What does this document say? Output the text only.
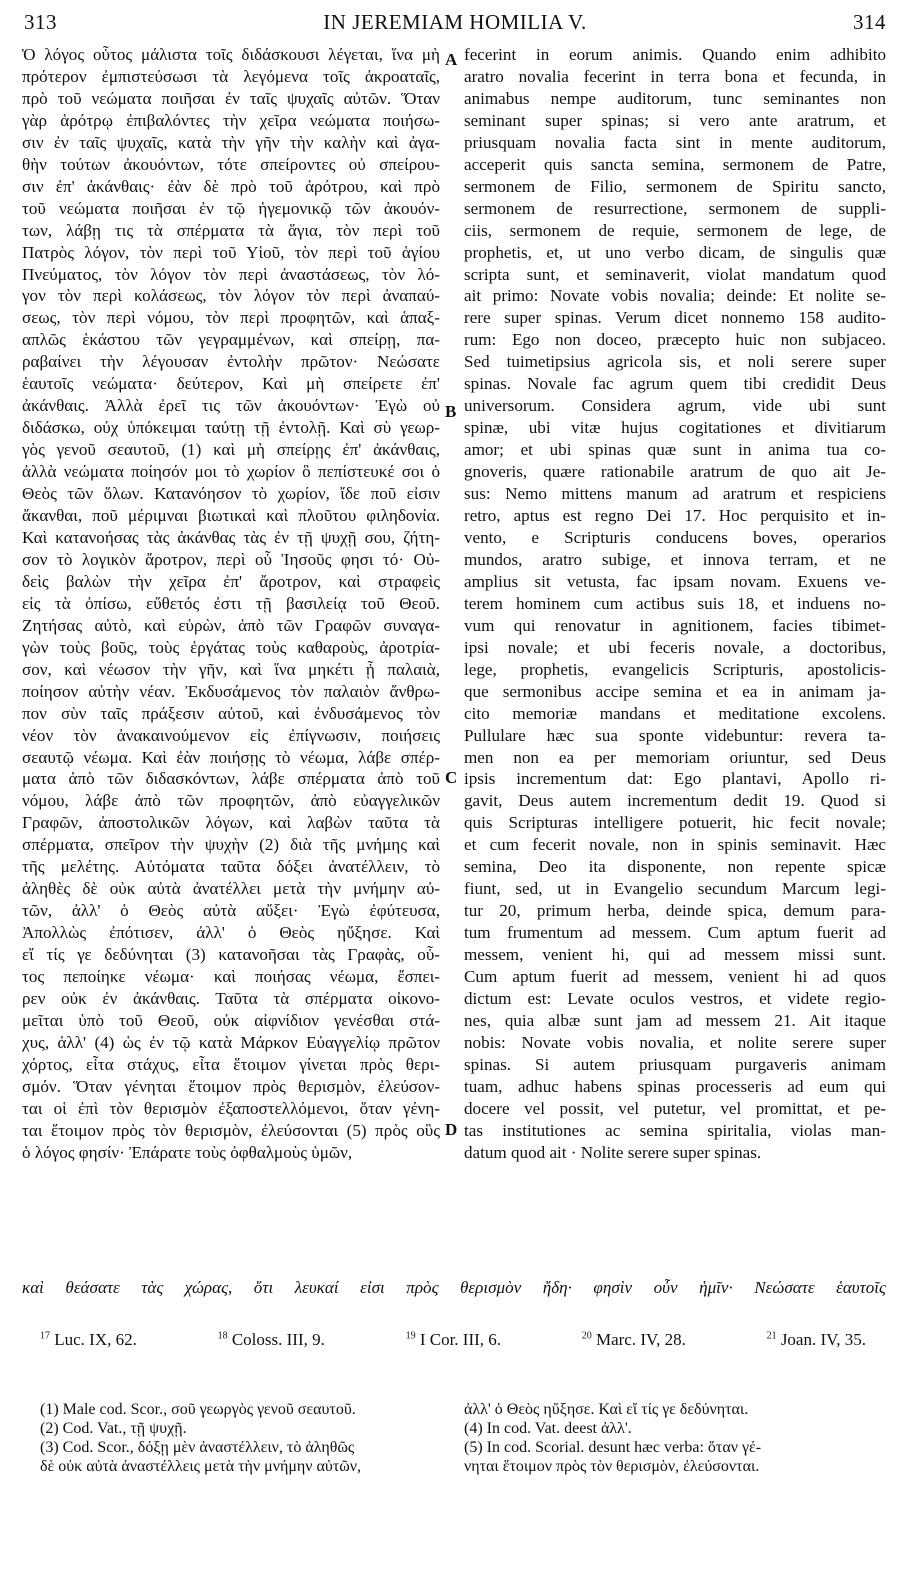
313	IN JEREMIAM HOMILIA V.	314
Ὁ λόγος οὗτος μάλιστα τοῖς διδάσκουσι λέγεται, ἵνα μὴ
πρότερον ἐμπιστεύσωσι τὰ λεγόμενα τοῖς ἀκροαταῖς,
πρὸ τοῦ νεώματα ποιῆσαι ἐν ταῖς ψυχαῖς αὐτῶν. Ὅταν
γὰρ ἀρότρῳ ἐπιβαλόντες τὴν χεῖρα νεώματα ποιήσω-
σιν ἐν ταῖς ψυχαῖς, κατὰ τὴν γῆν τὴν καλὴν καὶ ἀγα-
θὴν τούτων ἀκουόντων, τότε σπείροντες οὐ σπείρου-
σιν ἐπ' ἀκάνθαις· ἐὰν δὲ πρὸ τοῦ ἀρότρου, καὶ πρὸ
τοῦ νεώματα ποιῆσαι ἐν τῷ ἡγεμονικῷ τῶν ἀκουόν-
των, λάβῃ τις τὰ σπέρματα τὰ ἅγια, τὸν περὶ τοῦ
Πατρὸς λόγον, τὸν περὶ τοῦ Υἱοῦ, τὸν περὶ τοῦ ἁγίου
Πνεύματος, τὸν λόγον τὸν περὶ ἀναστάσεως, τὸν λό-
γον τὸν περὶ κολάσεως, τὸν λόγον τὸν περὶ ἀναπαύ-
σεως, τὸν περὶ νόμου, τὸν περὶ προφητῶν, καὶ ἁπαξ-
απλῶς ἑκάστου τῶν γεγραμμένων, καὶ σπείρῃ, πα-
ραβαίνει τὴν λέγουσαν ἐντολὴν πρῶτον· Νεώσατε
ἑαυτοῖς νεώματα· δεύτερον, Καὶ μὴ σπείρετε ἐπ'
ἀκάνθαις. Ἀλλὰ ἐρεῖ τις τῶν ἀκουόντων· Ἐγὼ οὐ
διδάσκω, οὐχ ὑπόκειμαι ταύτῃ τῇ ἐντολῇ. Καὶ σὺ γεωρ-
γὸς γενοῦ σεαυτοῦ, (1) καὶ μὴ σπείρῃς ἐπ' ἀκάνθαις,
ἀλλὰ νεώματα ποίησόν μοι τὸ χωρίον ὃ πεπίστευκέ σοι ὁ
Θεὸς τῶν ὅλων. Κατανόησον τὸ χωρίον, ἴδε ποῦ εἰσιν
ἄκανθαι, ποῦ μέριμναι βιωτικαὶ καὶ πλοῦτου φιληδονία.
Καὶ κατανοήσας τὰς ἀκάνθας τὰς ἐν τῇ ψυχῇ σου, ζήτη-
σον τὸ λογικὸν ἄροτρον, περὶ οὗ Ἰησοῦς φησι τό· Οὐ-
δεὶς βαλὼν τὴν χεῖρα ἐπ' ἄροτρον, καὶ στραφεὶς
εἰς τὰ ὀπίσω, εὔθετός ἐστι τῇ βασιλείᾳ τοῦ Θεοῦ.
Ζητήσας αὐτὸ, καὶ εὑρὼν, ἀπὸ τῶν Γραφῶν συναγα-
γὼν τοὺς βοῦς, τοὺς ἐργάτας τοὺς καθαροὺς, ἀροτρία-
σον, καὶ νέωσον τὴν γῆν, καὶ ἵνα μηκέτι ᾖ παλαιὰ,
ποίησον αὐτὴν νέαν. Ἐκδυσάμενος τὸν παλαιὸν ἄνθρω-
πον σὺν ταῖς πράξεσιν αὐτοῦ, καὶ ἐνδυσάμενος τὸν
νέον τὸν ἀνακαινούμενον εἰς ἐπίγνωσιν, ποιήσεις
σεαυτῷ νέωμα. Καὶ ἐὰν ποιήσῃς τὸ νέωμα, λάβε σπέρ-
ματα ἀπὸ τῶν διδασκόντων, λάβε σπέρματα ἀπὸ τοῦ
νόμου, λάβε ἀπὸ τῶν προφητῶν, ἀπὸ εὐαγγελικῶν
Γραφῶν, ἀποστολικῶν λόγων, καὶ λαβὼν ταῦτα τὰ
σπέρματα, σπεῖρον τὴν ψυχὴν (2) διὰ τῆς μνήμης καὶ
τῆς μελέτης. Αὐτόματα ταῦτα δόξει ἀνατέλλειν, τὸ
ἀληθὲς δὲ οὐκ αὐτὰ ἀνατέλλει μετὰ τὴν μνήμην αὐ-
τῶν, ἀλλ' ὁ Θεὸς αὐτὰ αὔξει· Ἐγὼ ἐφύτευσα,
Ἀπολλὼς ἐπότισεν, ἀλλ' ὁ Θεὸς ηὔξησε. Καὶ
εἴ τίς γε δεδύνηται (3) κατανοῆσαι τὰς Γραφὰς, οὗ-
τος πεποίηκε νέωμα· καὶ ποιήσας νέωμα, ἔσπει-
ρεν οὐκ ἐν ἀκάνθαις. Ταῦτα τὰ σπέρματα οἰκονο-
μεῖται ὑπὸ τοῦ Θεοῦ, οὐκ αἰφνίδιον γενέσθαι στά-
χυς, ἀλλ' (4) ὡς ἐν τῷ κατὰ Μάρκον Εὐαγγελίῳ πρῶτον
χόρτος, εἶτα στάχυς, εἶτα ἕτοιμον γίνεται πρὸς θερι-
σμόν. Ὅταν γένηται ἕτοιμον πρὸς θερισμὸν, ἐλεύσον-
ται οἱ ἐπὶ τὸν θερισμὸν ἐξαποστελλόμενοι, ὅταν γένη-
ται ἕτοιμον πρὸς τὸν θερισμὸν, ἐλεύσονται (5) πρὸς οὓς
ὁ λόγος φησίν· Ἐπάρατε τοὺς ὀφθαλμοὺς ὑμῶν,
fecerint in eorum animis. Quando enim adhibito
aratro novalia fecerint in terra bona et fecunda, in
animabus nempe auditorum, tunc seminantes non
seminant super spinas; si vero ante aratrum, et
priusquam novalia facta sint in mente auditorum,
acceperit quis sancta semina, sermonem de Patre,
sermonem de Filio, sermonem de Spiritu sancto,
sermonem de resurrectione, sermonem de suppli-
ciis, sermonem de requie, sermonem de lege, de
prophetis, et, ut uno verbo dicam, de singulis quæ
scripta sunt, et seminaverit, violat mandatum quod
ait primo: Novate vobis novalia; deinde: Et nolite se-
rere super spinas. Verum dicet nonnemo 158 audito-
rum: Ego non doceo, præcepto huic non subjaceo.
Sed tuimetipsius agricola sis, et noli serere super
spinas. Novale fac agrum quem tibi credidit Deus
universorum. Considera agrum, vide ubi sunt
spinæ, ubi vitæ hujus cogitationes et divitiarum
amor; et ubi spinas quæ sunt in anima tua co-
gnoveris, quære rationabile aratrum de quo ait Je-
sus: Nemo mittens manum ad aratrum et respiciens
retro, aptus est regno Dei 17. Hoc perquisito et in-
vento, e Scripturis conducens boves, operarios
mundos, aratro subige, et innova terram, et ne
amplius sit vetusta, fac ipsam novam. Exuens ve-
terem hominem cum actibus suis 18, et induens no-
vum qui renovatur in agnitionem, facies tibimet-
ipsi novale; et ubi feceris novale, a doctoribus,
lege, prophetis, evangelicis Scripturis, apostolicis-
que sermonibus accipe semina et ea in animam ja-
cito memoriæ mandans et meditatione excolens.
Pullulare hæc sua sponte videbuntur: revera ta-
men non ea per memoriam oriuntur, sed Deus
ipsis incrementum dat: Ego plantavi, Apollo ri-
gavit, Deus autem incrementum dedit 19. Quod si
quis Scripturas intelligere potuerit, hic fecit novale;
et cum fecerit novale, non in spinis seminavit. Hæc
semina, Deo ita disponente, non repente spicæ
fiunt, sed, ut in Evangelio secundum Marcum legi-
tur 20, primum herba, deinde spica, demum para-
tum frumentum ad messem. Cum aptum fuerit ad
messem, venient hi, qui ad messem missi sunt.
Cum aptum fuerit ad messem, venient hi ad quos
dictum est: Levate oculos vestros, et videte regio-
nes, quia albæ sunt jam ad messem 21. Ait itaque
nobis: Novate vobis novalia, et nolite serere super
spinas. Si autem priusquam purgaveris animam
tuam, adhuc habens spinas processeris ad eum qui
docere vel possit, vel putetur, vel promittat, et pe-
tas institutiones ac semina spiritalia, violas man-
datum quod ait · Nolite serere super spinas.
A
B
C
D
καὶ θεάσατε τὰς χώρας, ὅτι λευκαί εἰσι πρὸς θερισμὸν ἤδη· φησὶν οὖν ἡμῖν· Νεώσατε ἑαυτοῖς
$^{17}$ Luc. IX, 62.	$^{18}$ Coloss. III, 9.	$^{19}$ I Cor. III, 6.	$^{20}$ Marc. IV, 28.	$^{21}$ Joan. IV, 35.
(1) Male cod. Scor., σοῦ γεωργὸς γενοῦ σεαυτοῦ.
(2) Cod. Vat., τῇ ψυχῇ.
(3) Cod. Scor., δόξῃ μὲν ἀναστέλλειν, τὸ ἀληθῶς
δὲ οὐκ αὐτὰ ἀναστέλλεις μετὰ τὴν μνήμην αὐτῶν,
ἀλλ' ὁ Θεὸς ηὔξησε. Καὶ εἴ τίς γε δεδύνηται.
(4) In cod. Vat. deest ἀλλ'.
(5) In cod. Scorial. desunt hæc verba: ὅταν γέ-
νηται ἕτοιμον πρὸς τὸν θερισμὸν, ἐλεύσονται.
